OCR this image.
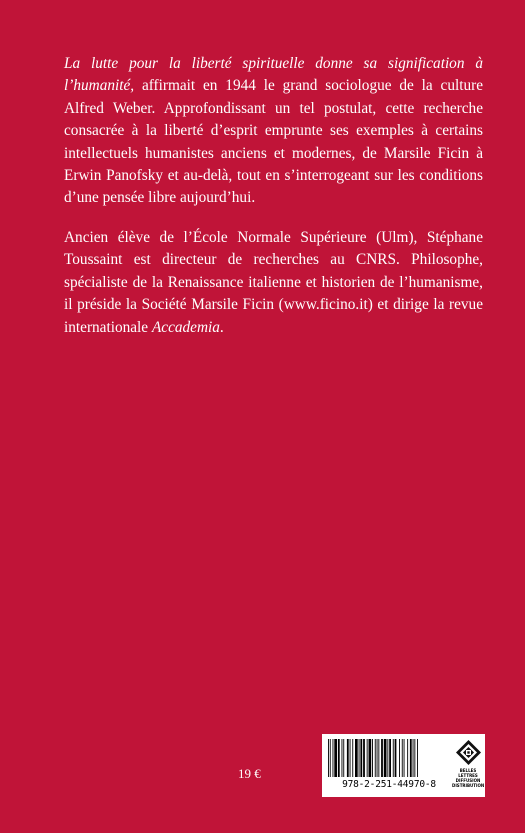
La lutte pour la liberté spirituelle donne sa signification à l’humanité, affirmait en 1944 le grand sociologue de la culture Alfred Weber. Approfondissant un tel postulat, cette recherche consacrée à la liberté d’esprit emprunte ses exemples à certains intellectuels humanistes anciens et modernes, de Marsile Ficin à Erwin Panofsky et au-delà, tout en s’interrogeant sur les conditions d’une pensée libre aujourd’hui.
Ancien élève de l’École Normale Supérieure (Ulm), Stéphane Toussaint est directeur de recherches au CNRS. Philosophe, spécialiste de la Renaissance italienne et historien de l’humanisme, il préside la Société Marsile Ficin (www.ficino.it) et dirige la revue internationale Accademia.
19 €
978-2-251-44970-8
BELLES LETTRES
DIFFUSION
DISTRIBUTION
